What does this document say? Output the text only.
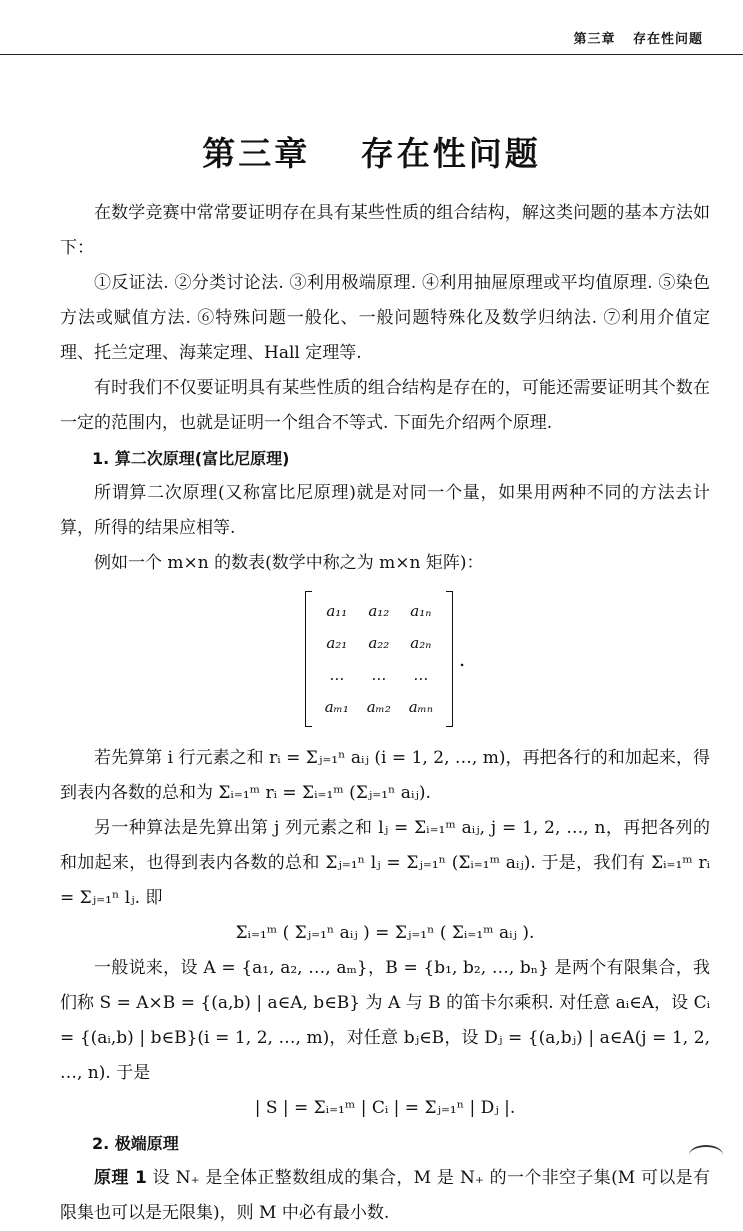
第三章 存在性问题
第三章 存在性问题

在数学竞赛中常常要证明存在具有某些性质的组合结构，解这类问题的基本方法如下：

①反证法. ②分类讨论法. ③利用极端原理. ④利用抽屉原理或平均值原理. ⑤染色方法或赋值方法. ⑥特殊问题一般化、一般问题特殊化及数学归纳法. ⑦利用介值定理、托兰定理、海莱定理、Hall 定理等.

有时我们不仅要证明具有某些性质的组合结构是存在的，可能还需要证明其个数在一定的范围内，也就是证明一个组合不等式. 下面先介绍两个原理.

1. 算二次原理(富比尼原理)

所谓算二次原理(又称富比尼原理)就是对同一个量，如果用两种不同的方法去计算，所得的结果应相等.

例如一个 m×n 的数表(数学中称之为 m×n 矩阵)：

a₁₁	a₁₂	a₁ₙ
a₂₁	a₂₂	a₂ₙ
…	…	…
aₘ₁	aₘ₂	aₘₙ
.

若先算第 i 行元素之和 rᵢ = Σⱼ₌₁ⁿ aᵢⱼ (i = 1, 2, …, m)，再把各行的和加起来，得到表内各数的总和为 Σᵢ₌₁ᵐ rᵢ = Σᵢ₌₁ᵐ (Σⱼ₌₁ⁿ aᵢⱼ).

另一种算法是先算出第 j 列元素之和 lⱼ = Σᵢ₌₁ᵐ aᵢⱼ, j = 1, 2, …, n，再把各列的和加起来，也得到表内各数的总和 Σⱼ₌₁ⁿ lⱼ = Σⱼ₌₁ⁿ (Σᵢ₌₁ᵐ aᵢⱼ). 于是，我们有 Σᵢ₌₁ᵐ rᵢ = Σⱼ₌₁ⁿ lⱼ. 即

Σᵢ₌₁ᵐ ( Σⱼ₌₁ⁿ aᵢⱼ ) = Σⱼ₌₁ⁿ ( Σᵢ₌₁ᵐ aᵢⱼ ).

一般说来，设 A = {a₁, a₂, …, aₘ}，B = {b₁, b₂, …, bₙ} 是两个有限集合，我们称 S = A×B = {(a,b) | a∈A, b∈B} 为 A 与 B 的笛卡尔乘积. 对任意 aᵢ∈A，设 Cᵢ = {(aᵢ,b) | b∈B}(i = 1, 2, …, m)，对任意 bⱼ∈B，设 Dⱼ = {(a,bⱼ) | a∈A(j = 1, 2, …, n). 于是

| S | = Σᵢ₌₁ᵐ | Cᵢ | = Σⱼ₌₁ⁿ | Dⱼ |.

2. 极端原理

原理 1 设 N₊ 是全体正整数组成的集合，M 是 N₊ 的一个非空子集(M 可以是有限集也可以是无限集)，则 M 中必有最小数.
